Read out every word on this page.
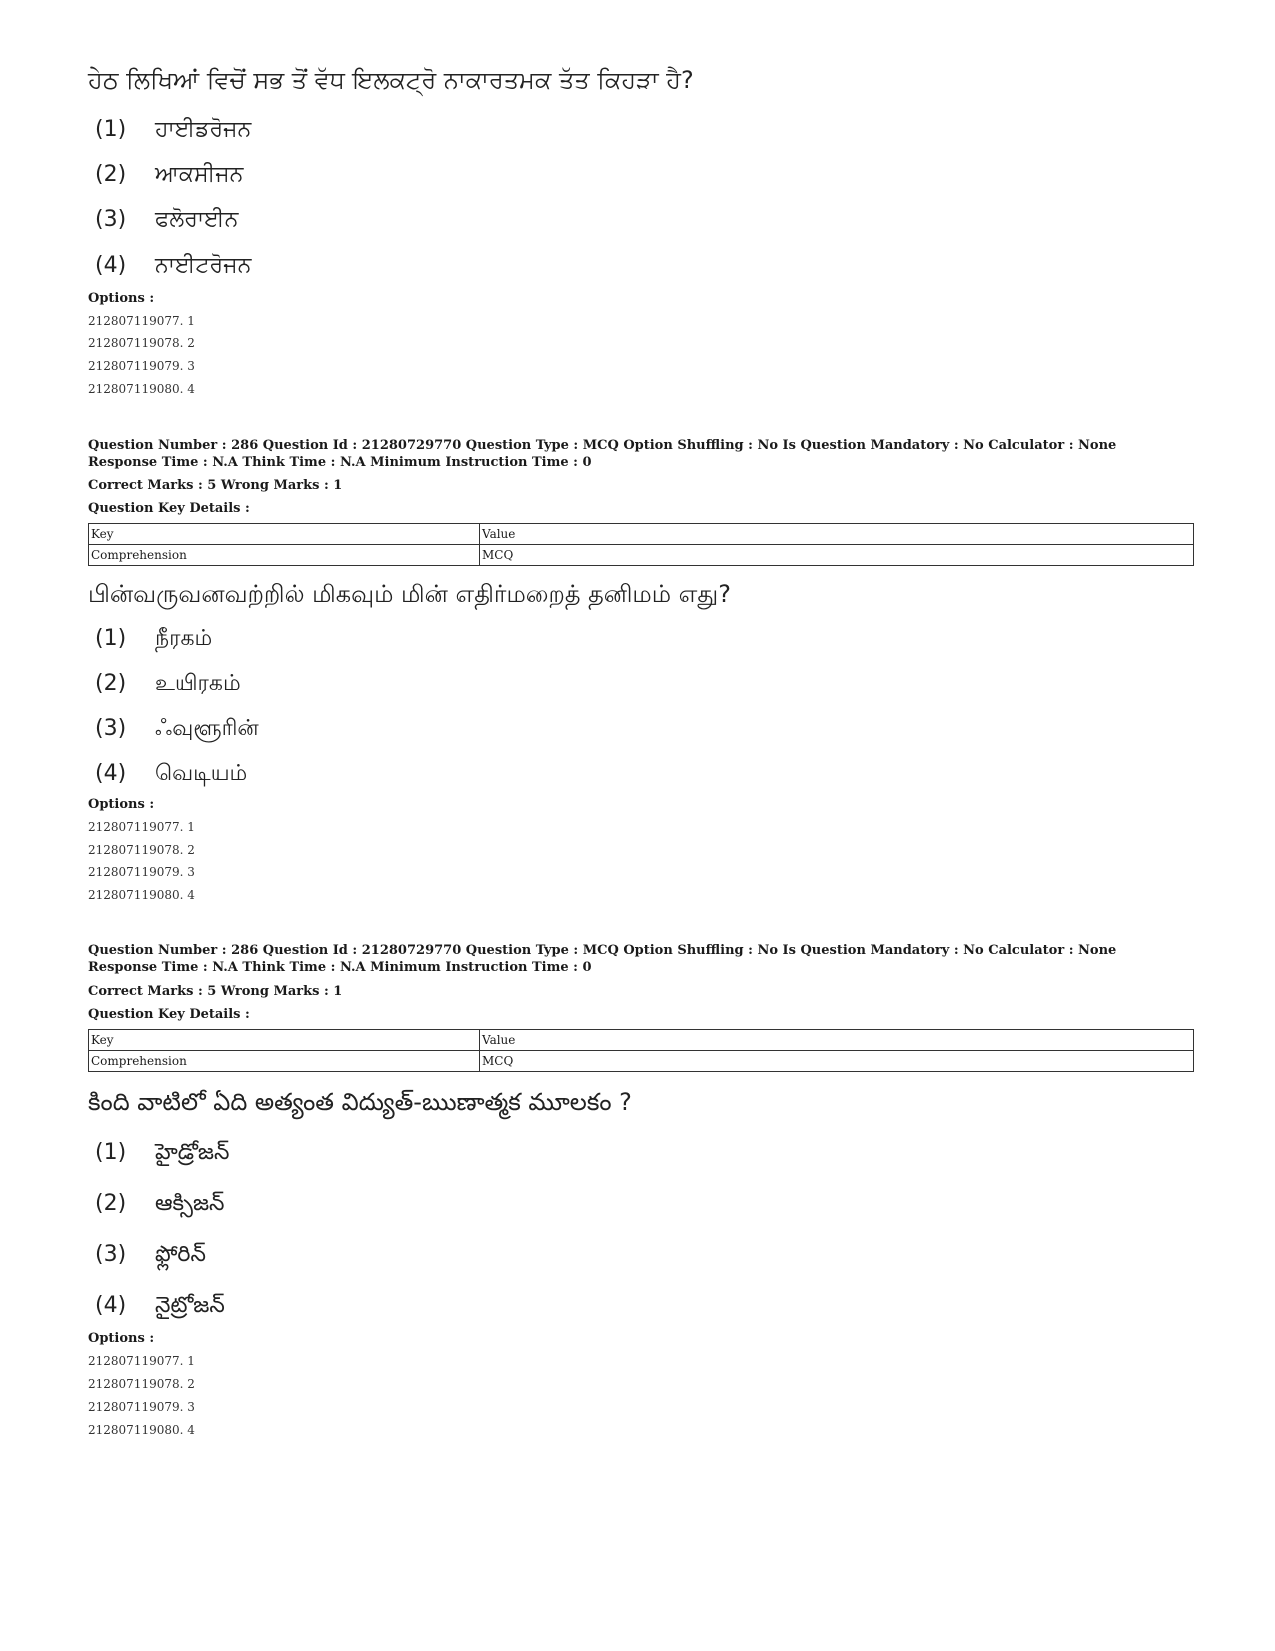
ਹੇਠ ਲਿਖਿਆਂ ਵਿਚੋਂ ਸਭ ਤੋਂ ਵੱਧ ਇਲਕਟ੍ਰੋ ਨਾਕਾਰਤਮਕ ਤੱਤ ਕਿਹੜਾ ਹੈ?
(1) ਹਾਈਡਰੋਜਨ
(2) ਆਕਸੀਜਨ
(3) ਫਲੋਰਾਈਨ
(4) ਨਾਈਟਰੋਜਨ
Options :
212807119077. 1
212807119078. 2
212807119079. 3
212807119080. 4
Question Number : 286 Question Id : 21280729770 Question Type : MCQ Option Shuffling : No Is Question Mandatory : No Calculator : None
Response Time : N.A Think Time : N.A Minimum Instruction Time : 0
Correct Marks : 5 Wrong Marks : 1
Question Key Details :
Key	Value
Comprehension	MCQ
பின்வருவனவற்றில் மிகவும் மின் எதிர்மறைத் தனிமம் எது?
(1) நீரகம்
(2) உயிரகம்
(3) ஃவுளூரின்
(4) வெடியம்
Options :
212807119077. 1
212807119078. 2
212807119079. 3
212807119080. 4
Question Number : 286 Question Id : 21280729770 Question Type : MCQ Option Shuffling : No Is Question Mandatory : No Calculator : None
Response Time : N.A Think Time : N.A Minimum Instruction Time : 0
Correct Marks : 5 Wrong Marks : 1
Question Key Details :
Key	Value
Comprehension	MCQ
కింది వాటిలో ఏది అత్యంత విద్యుత్-ఋణాత్మక మూలకం ?
(1) హైడ్రోజన్
(2) ఆక్సిజన్
(3) ఫ్లోరిన్
(4) నైట్రోజన్
Options :
212807119077. 1
212807119078. 2
212807119079. 3
212807119080. 4
